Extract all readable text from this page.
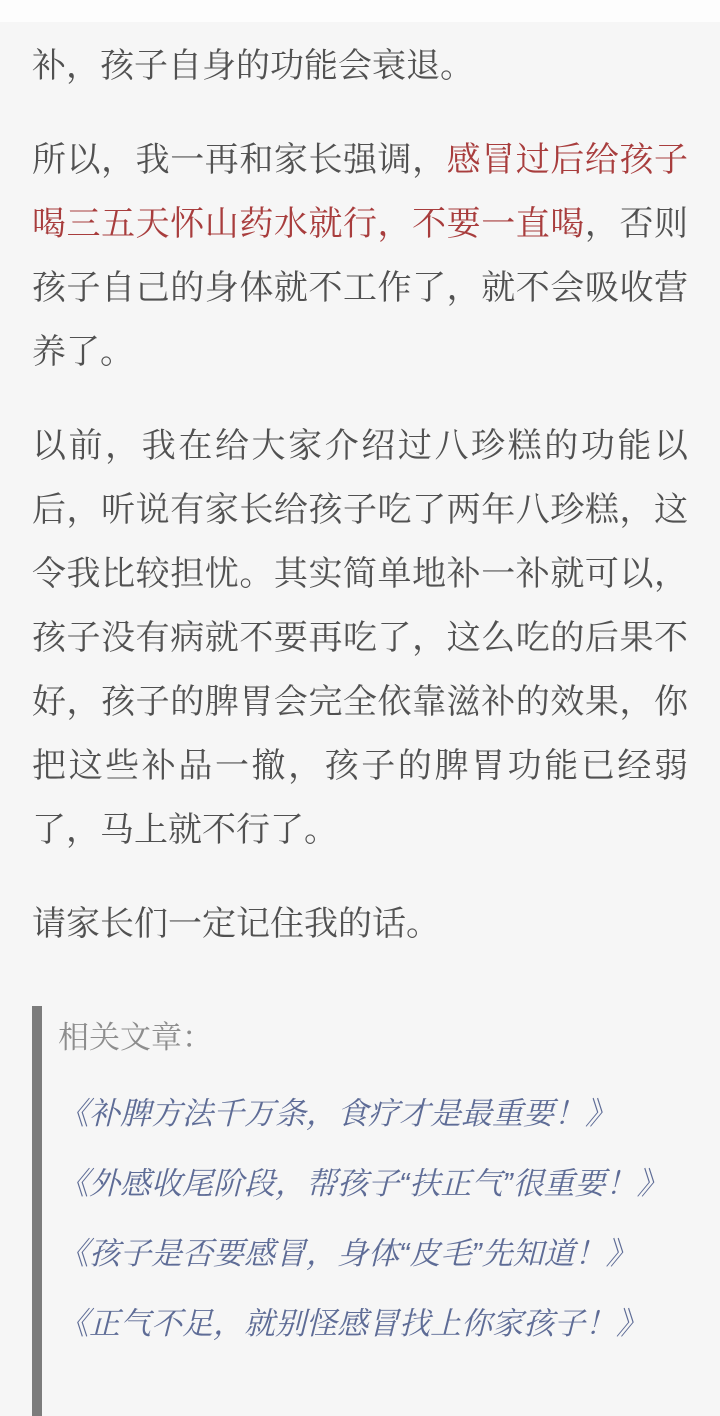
补，孩子自身的功能会衰退。

所以，我一再和家长强调，感冒过后给孩子喝三五天怀山药水就行，不要一直喝，否则孩子自己的身体就不工作了，就不会吸收营养了。

以前，我在给大家介绍过八珍糕的功能以后，听说有家长给孩子吃了两年八珍糕，这令我比较担忧。其实简单地补一补就可以，孩子没有病就不要再吃了，这么吃的后果不好，孩子的脾胃会完全依靠滋补的效果，你把这些补品一撤，孩子的脾胃功能已经弱了，马上就不行了。

请家长们一定记住我的话。

相关文章：
《补脾方法千万条，食疗才是最重要！》
《外感收尾阶段，帮孩子“扶正气”很重要！》
《孩子是否要感冒，身体“皮毛”先知道！》
《正气不足，就别怪感冒找上你家孩子！》
